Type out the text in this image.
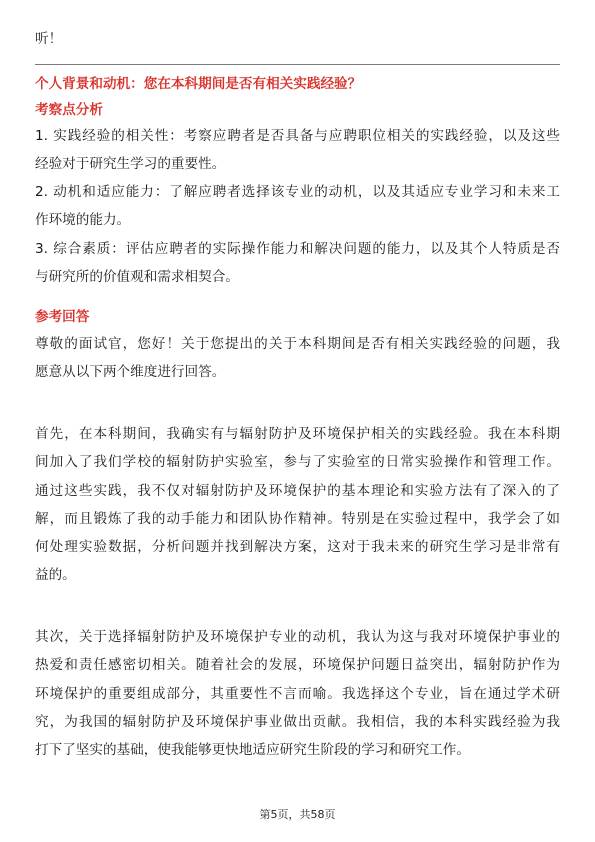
听！
个人背景和动机：您在本科期间是否有相关实践经验？
考察点分析
1. 实践经验的相关性：考察应聘者是否具备与应聘职位相关的实践经验，以及这些
经验对于研究生学习的重要性。
2. 动机和适应能力：了解应聘者选择该专业的动机，以及其适应专业学习和未来工
作环境的能力。
3. 综合素质：评估应聘者的实际操作能力和解决问题的能力，以及其个人特质是否
与研究所的价值观和需求相契合。
参考回答
尊敬的面试官，您好！关于您提出的关于本科期间是否有相关实践经验的问题，我
愿意从以下两个维度进行回答。
首先，在本科期间，我确实有与辐射防护及环境保护相关的实践经验。我在本科期
间加入了我们学校的辐射防护实验室，参与了实验室的日常实验操作和管理工作。
通过这些实践，我不仅对辐射防护及环境保护的基本理论和实验方法有了深入的了
解，而且锻炼了我的动手能力和团队协作精神。特别是在实验过程中，我学会了如
何处理实验数据，分析问题并找到解决方案，这对于我未来的研究生学习是非常有
益的。
其次，关于选择辐射防护及环境保护专业的动机，我认为这与我对环境保护事业的
热爱和责任感密切相关。随着社会的发展，环境保护问题日益突出，辐射防护作为
环境保护的重要组成部分，其重要性不言而喻。我选择这个专业，旨在通过学术研
究，为我国的辐射防护及环境保护事业做出贡献。我相信，我的本科实践经验为我
打下了坚实的基础，使我能够更快地适应研究生阶段的学习和研究工作。
第5页，共58页
